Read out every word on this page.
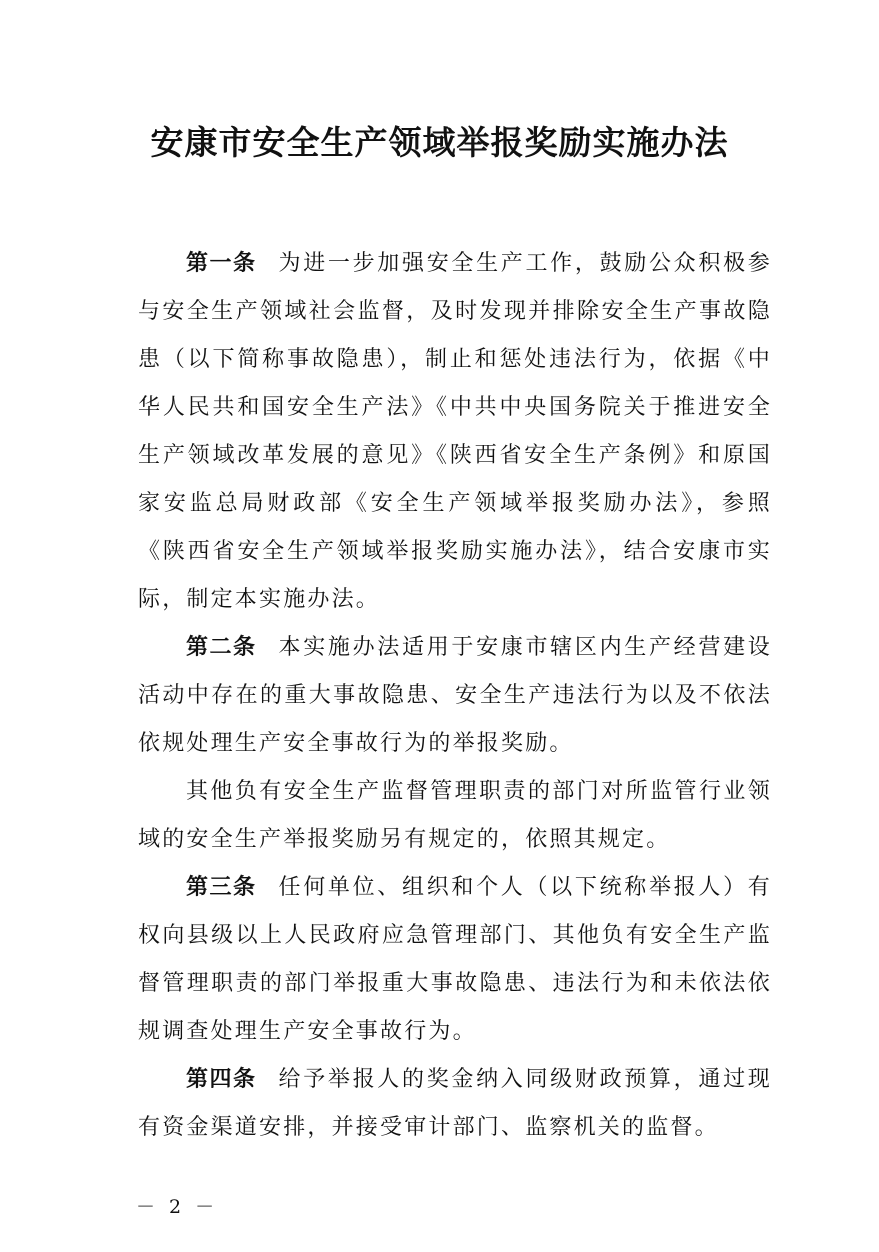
安康市安全生产领域举报奖励实施办法

第一条 为进一步加强安全生产工作，鼓励公众积极参与安全生产领域社会监督，及时发现并排除安全生产事故隐患（以下简称事故隐患），制止和惩处违法行为，依据《中华人民共和国安全生产法》《中共中央国务院关于推进安全生产领域改革发展的意见》《陕西省安全生产条例》和原国家安监总局财政部《安全生产领域举报奖励办法》，参照《陕西省安全生产领域举报奖励实施办法》，结合安康市实际，制定本实施办法。

第二条 本实施办法适用于安康市辖区内生产经营建设活动中存在的重大事故隐患、安全生产违法行为以及不依法依规处理生产安全事故行为的举报奖励。

其他负有安全生产监督管理职责的部门对所监管行业领域的安全生产举报奖励另有规定的，依照其规定。

第三条 任何单位、组织和个人（以下统称举报人）有权向县级以上人民政府应急管理部门、其他负有安全生产监督管理职责的部门举报重大事故隐患、违法行为和未依法依规调查处理生产安全事故行为。

第四条 给予举报人的奖金纳入同级财政预算，通过现有资金渠道安排，并接受审计部门、监察机关的监督。

－ 2 －
